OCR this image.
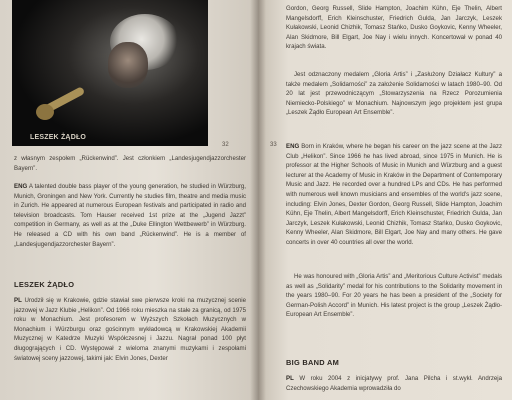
LESZEK ŻĄDŁO
32
z własnym zespołem „Rückenwind”. Jest członkiem „Landesjugendjazzorchester Bayern”.
ENG A talented double bass player of the young generation, he studied in Würzburg, Munich, Groningen and New York. Currently he studies film, theatre and media music in Zurich. He appeared at numerous European festivals and participated in radio and television broadcasts. Tom Hauser received 1st prize at the „Jugend Jazzt” competition in Germany, as well as at the „Duke Ellington Wettbewerb” in Würzburg. He released a CD with his own band „Rückenwind”. He is a member of „Landesjugendjazzorchester Bayern”.
LESZEK ŻĄDŁO
PL Urodził się w Krakowie, gdzie stawiał swe pierwsze kroki na muzycznej scenie jazzowej w Jazz Klubie „Helikon”. Od 1966 roku mieszka na stałe za granicą, od 1975 roku w Monachium. Jest profesorem w Wyższych Szkołach Muzycznych w Monachium i Würzburgu oraz gościnnym wykładowcą w Krakowskiej Akademii Muzycznej w Katedrze Muzyki Współczesnej i Jazzu. Nagrał ponad 100 płyt długogrających i CD. Występował z wieloma znanymi muzykami i zespołami światowej sceny jazzowej, takimi jak: Elvin Jones, Dexter
Gordon, Georg Russell, Slide Hampton, Joachim Kühn, Eje Thelin, Albert Mangelsdorff, Erich Kleinschuster, Friedrich Gulda, Jan Jarczyk, Leszek Kułakowski, Leonid Chizhik, Tomasz Stańko, Dusko Goykovic, Kenny Wheeler, Alan Skidmore, Bill Elgart, Joe Nay i wielu innych. Koncertował w ponad 40 krajach świata.
Jest odznaczony medalem „Gloria Artis” i „Zasłużony Działacz Kultury” a także medalem „Solidarności” za założenie Solidarności w latach 1980–90. Od 20 lat jest przewodniczącym „Stowarzyszenia na Rzecz Porozumienia Niemiecko-Polskiego” w Monachium. Najnowszym jego projektem jest grupa „Leszek Żądło European Art Ensemble”.
ENG Born in Kraków, where he began his career on the jazz scene at the Jazz Club „Helikon”. Since 1966 he has lived abroad, since 1975 in Munich. He is professor at the Higher Schools of Music in Munich and Würzburg and a guest lecturer at the Academy of Music in Kraków in the Department of Contemporary Music and Jazz. He recorded over a hundred LPs and CDs. He has performed with numerous well known musicians and ensembles of the world's jazz scene, including: Elvin Jones, Dexter Gordon, Georg Russell, Slide Hampton, Joachim Kühn, Eje Thelin, Albert Mangelsdorff, Erich Kleinschuster, Friedrich Gulda, Jan Jarczyk, Leszek Kułakowski, Leonid Chizhik, Tomasz Stańko, Dusko Goykovic, Kenny Wheeler, Alan Skidmore, Bill Elgart, Joe Nay and many others. He gave concerts in over 40 countries all over the world.
He was honoured with „Gloria Artis” and „Meritorious Culture Activist” medals as well as „Solidarity” medal for his contributions to the Solidarity movement in the years 1980–90. For 20 years he has been a president of the „Society for German-Polish Accord” in Munich. His latest project is the group „Leszek Żądło-European Art Ensemble”.
BIG BAND AM
PL W roku 2004 z inicjatywy prof. Jana Pilcha i st.wykł. Andrzeja Czechowskiego Akademia wprowadziła do
33
